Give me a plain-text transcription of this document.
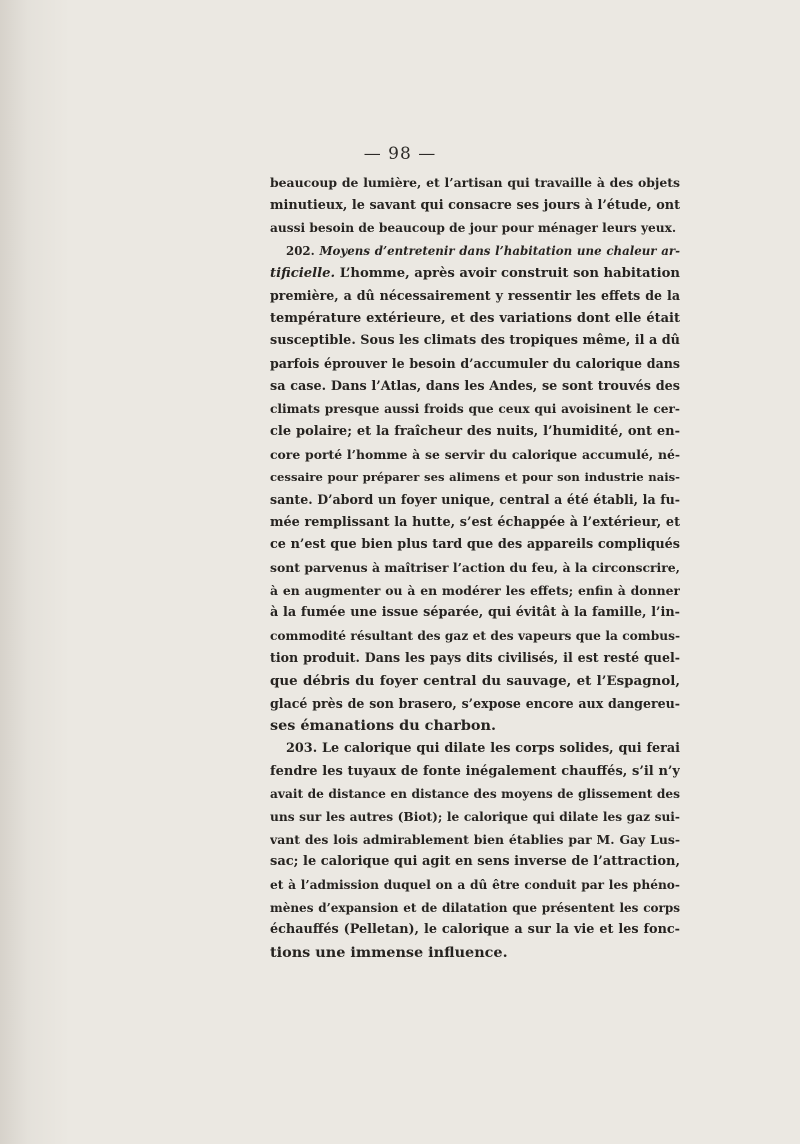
— 98 —
beaucoup de lumière, et l’artisan qui travaille à des objets
minutieux, le savant qui consacre ses jours à l’étude, ont
aussi besoin de beaucoup de jour pour ménager leurs yeux.
202. Moyens d’entretenir dans l’habitation une chaleur ar-
tificielle. L’homme, après avoir construit son habitation
première, a dû nécessairement y ressentir les effets de la
température extérieure, et des variations dont elle était
susceptible. Sous les climats des tropiques même, il a dû
parfois éprouver le besoin d’accumuler du calorique dans
sa case. Dans l’Atlas, dans les Andes, se sont trouvés des
climats presque aussi froids que ceux qui avoisinent le cer-
cle polaire; et la fraîcheur des nuits, l’humidité, ont en-
core porté l’homme à se servir du calorique accumulé, né-
cessaire pour préparer ses alimens et pour son industrie nais-
sante. D’abord un foyer unique, central a été établi, la fu-
mée remplissant la hutte, s’est échappée à l’extérieur, et
ce n’est que bien plus tard que des appareils compliqués
sont parvenus à maîtriser l’action du feu, à la circonscrire,
à en augmenter ou à en modérer les effets; enfin à donner
à la fumée une issue séparée, qui évitât à la famille, l’in-
commodité résultant des gaz et des vapeurs que la combus-
tion produit. Dans les pays dits civilisés, il est resté quel-
que débris du foyer central du sauvage, et l’Espagnol,
glacé près de son brasero, s’expose encore aux dangereu-
ses émanations du charbon.
203. Le calorique qui dilate les corps solides, qui ferai
fendre les tuyaux de fonte inégalement chauffés, s’il n’y
avait de distance en distance des moyens de glissement des
uns sur les autres (Biot); le calorique qui dilate les gaz sui-
vant des lois admirablement bien établies par M. Gay Lus-
sac; le calorique qui agit en sens inverse de l’attraction,
et à l’admission duquel on a dû être conduit par les phéno-
mènes d’expansion et de dilatation que présentent les corps
échauffés (Pelletan), le calorique a sur la vie et les fonc-
tions une immense influence.
